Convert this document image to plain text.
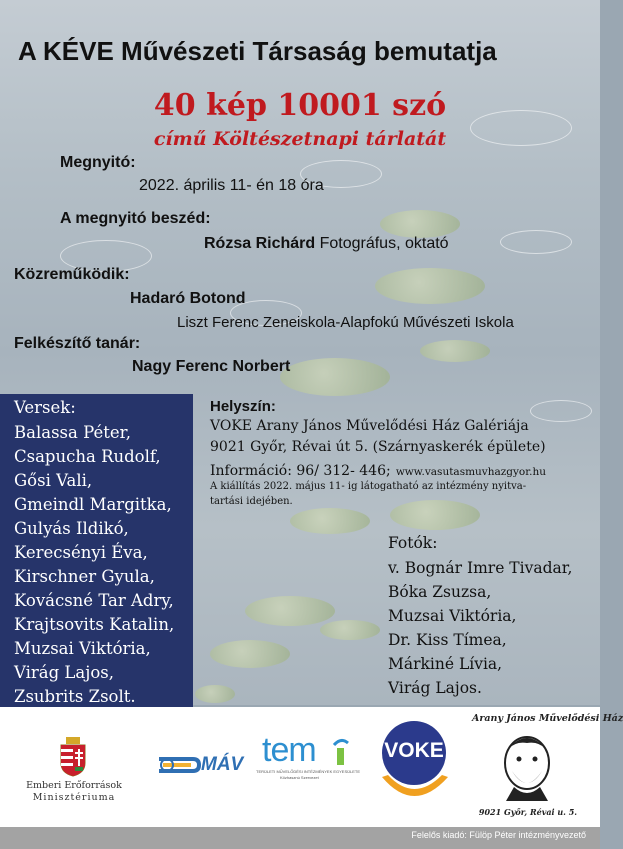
A KÉVE Művészeti Társaság bemutatja
40 kép 10001 szó
című Költészetnapi tárlatát
Megnyitó:
2022. április 11- én 18 óra
A megnyitó beszéd:
Rózsa Richárd Fotográfus, oktató
Közreműködik:
Hadaró Botond
Liszt Ferenc Zeneiskola-Alapfokú Művészeti Iskola
Felkészítő tanár:
Nagy Ferenc Norbert
Versek:
Balassa Péter,
Csapucha Rudolf,
Gősi Vali,
Gmeindl Margitka,
Gulyás Ildikó,
Kerecsényi Éva,
Kirschner Gyula,
Kovácsné Tar Adry,
Krajtsovits Katalin,
Muzsai Viktória,
Virág Lajos,
Zsubrits Zsolt.
Helyszín:
VOKE Arany János Művelődési Ház Galériája
9021 Győr, Révai út 5. (Szárnyaskerék épülete)
Információ: 96/ 312- 446; www.vasutasmuvhazgyor.hu
A kiállítás 2022. május 11- ig látogatható az intézmény nyitva-
tartási idejében.
Fotók:
v. Bognár Imre Tivadar,
Bóka Zsuzsa,
Muzsai Viktória,
Dr. Kiss Tímea,
Márkiné Lívia,
Virág Lajos.
Emberi Erőforrások
Minisztériuma
MÁV tem
TERÜLETI MŰVELŐDÉSI INTÉZMÉNYEK EGYESÜLETE
Közhasznú Szervezet
VOKE
Arany János Művelődési Ház
9021 Győr, Révai u. 5.
Felelős kiadó: Fülöp Péter intézményvezető
